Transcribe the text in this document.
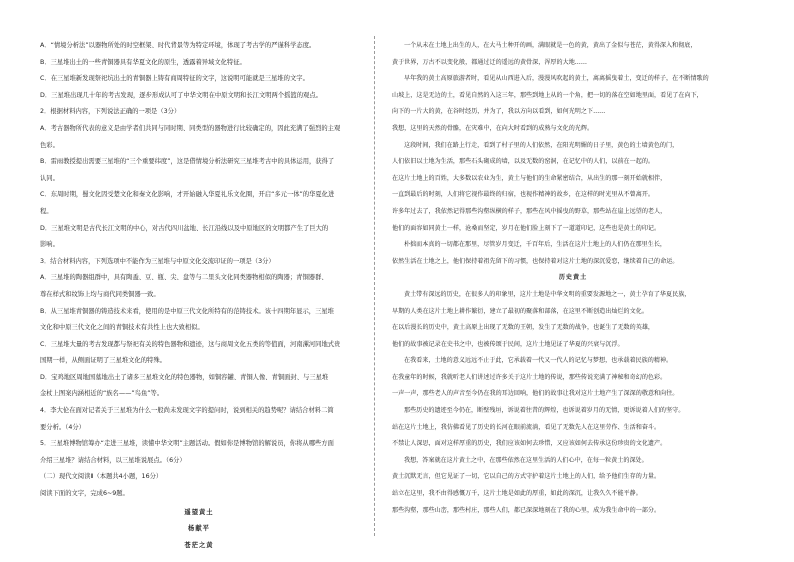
A．“情境分析法”以器物所处的时空框架、时代背景等为特定环境，体现了考古学的严谨科学态度。
B．三星堆出土的一些青铜器具有华夏文化的原生，透露着异域文化特征。
C．在三星堆新发现祭祀坑出土的青铜器上铸有商周特征的文字，这说明可能就是三星堆的文字。
D．三星堆出现几十年的考古发现，逐步形成认可了中华文明在中原文明和长江文明两个摇篮的观点。
2．根据材料内容，下列说法正确的一项是（3分）
A．考古器物所代表的意义是由学者们共同与同时期、同类型的器物进行比较确定的，因此充满了强烈的主观
色彩。
B．雷雨教授提出需要三星堆的“三个重要纬度”，这是借情境分析法研究三星堆考古中的具体运用，获得了
认同。
C．东周时期，蜀文化因受楚文化和秦文化影响，才开始融入华夏礼乐文化圈，开启“多元一体”的华夏化进
程。
D．三星堆文明是古代长江文明的中心，对古代四川盆地、长江沿线以及中原地区的文明都产生了巨大的
影响。
3．结合材料内容，下列选项中不能作为三星堆与中原文化交流印证的一项是（3分）
A．三星堆的陶器组群中，具有陶盉、豆、瓶、尖、盘等与二里头文化同类器物相似的陶器；青铜器群、
尊在样式和纹饰上均与商代同类铜器一致。
B．从三星堆青铜器的铸造技术来看，使用的是中原三代文化所特有的范铸技术。该十四期年显示，三星堆
文化和中原三代文化之间的青铜技术有共性上也大致相似。
C．三星堆大量的考古发现都与祭祀有关的特色器物和遗迹，这与商周文化五类的等值面，河南漯河同地式贵
国期一样，从侧面证明了三星堆文化的特殊。
D．宝鸡地区周地国墓地出土了诸多三星堆文化的特色器物，如铜容罐、青铜人像、青铜面封、与三星堆
金杖上图案内涵相近的“族名——”鸟鱼”等。
4．李大伦在面对记者关于三星堆为什么一般尚未发现文字的提问时，说到相关的趋势呢？请结合材料二简
要分析。（4分）
5．三星堆博物馆筹办“走进三星堆，读懂中华文明”主题活动。假如你是博物馆的解说员，你将从哪些方面
介绍三星堆？请结合材料，以三星堆说展点。（6分）
（二）现代文阅读Ⅱ（本题共4小题，16分）
阅读下面的文字，完成6~9题。
遥望黄土
杨献平
苍茫之黄
一个从未在土地上出生的人，在大马土种开的画，满眼就是一色的黄，黄出了金似与苍茫，黄得深入和彻底，
黄于世界，万古不以变化般，都通过迁的遥远的黄骨深，浑厚的大地……
早年我的黄土高原旅游者时，看见从山西进入后，漫漫风吹起的黄土，离离摇曳着土，变迁的样子，在不断情歌的
山坡上，这是无边的土，看见自然的入这三年，那些到地上从的一个角，把一切的落在空如地里面，看见了在向下，
向下的一片大的黄，在谷时经历，并为了，我以方向以看到，如何光明之下……
我想，这里的天然的骨骼，在灾难中，在向大时看到的成熟与文化的光辉。
这段时间，我们在路上行走，看到了村子里的人们依然，在阳光明媚的日子里，黄色的土墙黄色的门，
人们依旧以土地为生活，那些石头砌成的墙，以及无数的窑洞，在记忆中的人们，以前在一起的。
在这片土地上的百姓，大多数以农业为生，黄土与他们的生命紧密结合，从出生的那一刻开始就相伴，
一直到最后的时刻，人们将它视作最终的归宿，也视作精神的故乡，在这样的时光里从不曾离开。
许多年过去了，我依然记得那些沟壑纵横的样子，那些在风中摇曳的野草，那些站在崖上远望的老人，
他们的面容如同黄土一样，沧桑而坚定，岁月在他们脸上刻下了一道道印记，这些也是黄土的印记。
朴拙而本真的一切都在那里，尽管岁月变迁，千百年后，生活在这片土地上的人们仍在那里生长，
依然生活在土地之上，他们保持着祖先留下的习惯，也保持着对这片土地的深沉爱恋，继续着自己的命运。
历史黄土
黄土带有深远的历史，在很多人的印象里，这片土地是中华文明的重要发源地之一，黄土孕育了华夏民族，
早期的人类在这片土地上耕作繁衍，建立了最初的聚落和部落，在这里不断创造出灿烂的文化。
在以后漫长的历史中，黄土高原上出现了无数的王朝，发生了无数的战争，也诞生了无数的英雄，
他们的故事被记录在史书之中，也被传颂于民间，这片土地见证了华夏的兴衰与沉浮。
在我看来，土地的意义远远不止于此，它承载着一代又一代人的记忆与梦想，也承载着民族的精神。
在我童年的时候，我就听老人们讲述过许多关于这片土地的传说，那些传说充满了神秘和奇幻的色彩。
一声一声，那些老人的声音至今仍在我的耳边回响，他们的故事让我对这片土地产生了深深的敬意和向往。
那些历史的遗迹至今仍在，断壁残垣，诉说着往昔的辉煌，也诉说着岁月的无情，更诉说着人们的坚守。
站在这片土地上，我仿佛看见了历史的长河在眼前流淌，看见了无数先人在这里劳作、生活和奋斗。
不禁让人深思，面对这样厚重的历史，我们应该如何去珍惜，又应该如何去传承这份珍贵的文化遗产。
我想，答案就在这片黄土之中，在那些依然在这里生活的人们心中，在每一粒黄土的深处。
黄土沉默无言，但它见证了一切，它以自己的方式守护着这片土地上的人们，给予他们生存的力量。
站立在这里，我不由得感慨万千，这片土地是如此的厚重，如此的深沉，让我久久不能平静。
那些沟壑，那些山峦，那些村庄，那些人们，都已深深地刻在了我的心里，成为我生命中的一部分。
